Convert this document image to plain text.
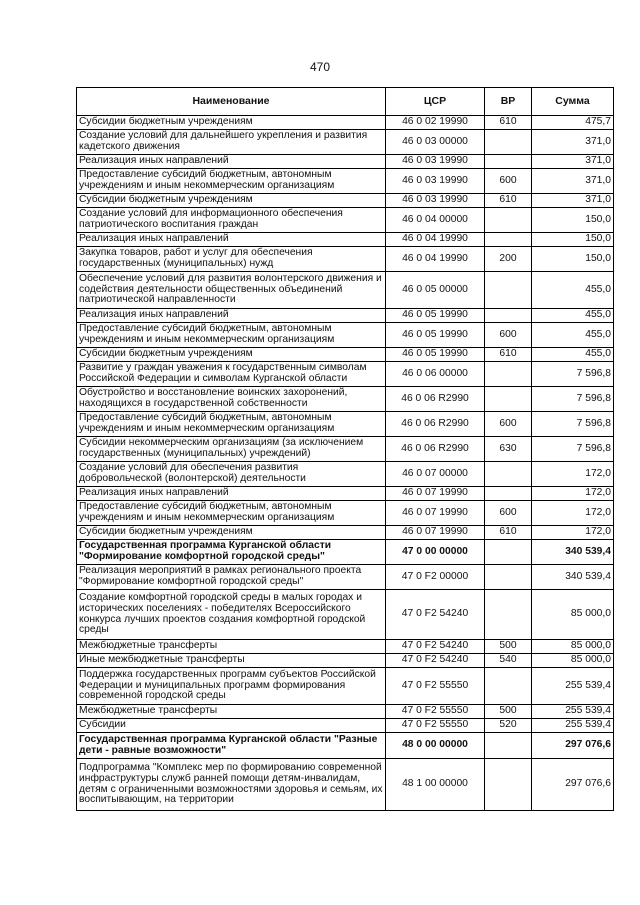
470
Наименование	ЦСР	ВР	Сумма
Субсидии бюджетным учреждениям	46 0 02 19990	610	475,7
Создание условий для дальнейшего укрепления и развития кадетского движения	46 0 03 00000		371,0
Реализация иных направлений	46 0 03 19990		371,0
Предоставление субсидий бюджетным, автономным учреждениям и иным некоммерческим организациям	46 0 03 19990	600	371,0
Субсидии бюджетным учреждениям	46 0 03 19990	610	371,0
Создание условий для информационного обеспечения патриотического воспитания граждан	46 0 04 00000		150,0
Реализация иных направлений	46 0 04 19990		150,0
Закупка товаров, работ и услуг для обеспечения государственных (муниципальных) нужд	46 0 04 19990	200	150,0
Обеспечение условий для развития волонтерского движения и содействия деятельности общественных объединений патриотической направленности	46 0 05 00000		455,0
Реализация иных направлений	46 0 05 19990		455,0
Предоставление субсидий бюджетным, автономным учреждениям и иным некоммерческим организациям	46 0 05 19990	600	455,0
Субсидии бюджетным учреждениям	46 0 05 19990	610	455,0
Развитие у граждан уважения к государственным символам Российской Федерации и символам Курганской области	46 0 06 00000		7 596,8
Обустройство и восстановление воинских захоронений, находящихся в государственной собственности	46 0 06 R2990		7 596,8
Предоставление субсидий бюджетным, автономным учреждениям и иным некоммерческим организациям	46 0 06 R2990	600	7 596,8
Субсидии некоммерческим организациям (за исключением государственных (муниципальных) учреждений)	46 0 06 R2990	630	7 596,8
Создание условий для обеспечения развития добровольческой (волонтерской) деятельности	46 0 07 00000		172,0
Реализация иных направлений	46 0 07 19990		172,0
Предоставление субсидий бюджетным, автономным учреждениям и иным некоммерческим организациям	46 0 07 19990	600	172,0
Субсидии бюджетным учреждениям	46 0 07 19990	610	172,0
Государственная программа Курганской области "Формирование комфортной городской среды"	47 0 00 00000		340 539,4
Реализация мероприятий в рамках регионального проекта "Формирование комфортной городской среды"	47 0 F2 00000		340 539,4
Создание комфортной городской среды в малых городах и исторических поселениях - победителях Всероссийского конкурса лучших проектов создания комфортной городской среды	47 0 F2 54240		85 000,0
Межбюджетные трансферты	47 0 F2 54240	500	85 000,0
Иные межбюджетные трансферты	47 0 F2 54240	540	85 000,0
Поддержка государственных программ субъектов Российской Федерации и муниципальных программ формирования современной городской среды	47 0 F2 55550		255 539,4
Межбюджетные трансферты	47 0 F2 55550	500	255 539,4
Субсидии	47 0 F2 55550	520	255 539,4
Государственная программа Курганской области "Разные дети - равные возможности"	48 0 00 00000		297 076,6
Подпрограмма "Комплекс мер по формированию современной инфраструктуры служб ранней помощи детям-инвалидам, детям с ограниченными возможностями здоровья и семьям, их воспитывающим, на территории	48 1 00 00000		297 076,6
